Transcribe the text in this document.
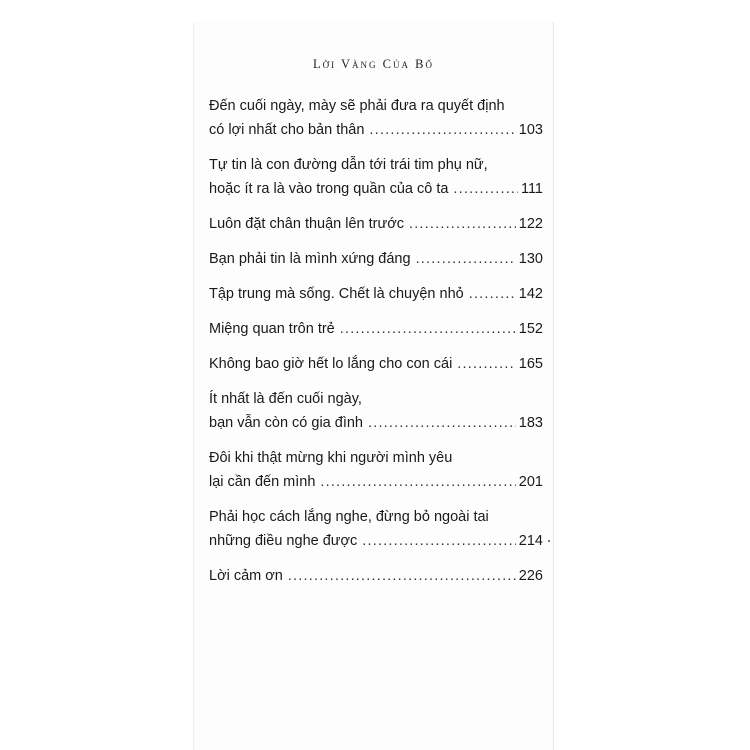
Lời Vàng Của Bố
Đến cuối ngày, mày sẽ phải đưa ra quyết định
có lợi nhất cho bản thân .....	103
Tự tin là con đường dẫn tới trái tim phụ nữ,
hoặc ít ra là vào trong quần của cô ta .....	111
Luôn đặt chân thuận lên trước .....	122
Bạn phải tin là mình xứng đáng .....	130
Tập trung mà sống. Chết là chuyện nhỏ .....	142
Miệng quan trôn trẻ .....	152
Không bao giờ hết lo lắng cho con cái .....	165
Ít nhất là đến cuối ngày,
bạn vẫn còn có gia đình .....	183
Đôi khi thật mừng khi người mình yêu
lại cần đến mình .....	201
Phải học cách lắng nghe, đừng bỏ ngoài tai
những điều nghe được .....	214
Lời cảm ơn .....	226
